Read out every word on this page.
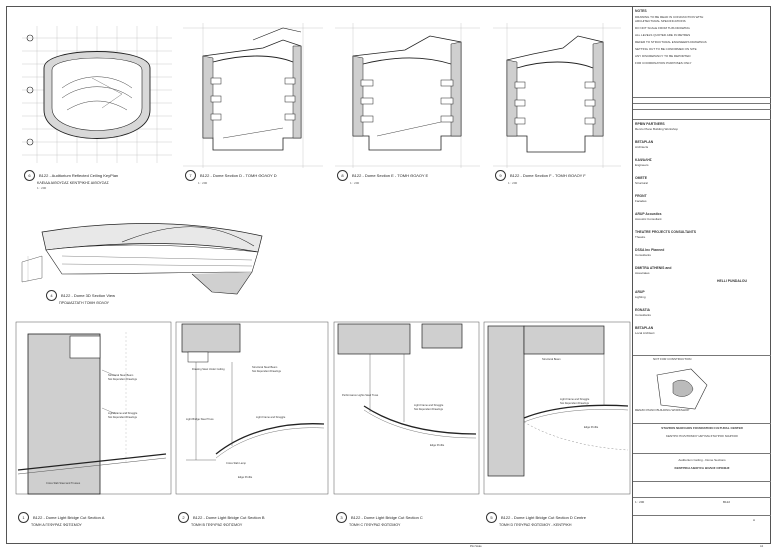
6 B122 - Auditorium Reflected Ceiling KeyPlan
ΚΛΕΙΔΑ ΑΙΘΟΥΣΑΣ ΚΕΝΤΡΙΚΗΣ ΑΙΘΟΥΣΑΣ
1 : 200
7 B122 - Dome Section D - TOMH ΘΟΛΟΥ D
1 : 200
8 B122 - Dome Section E - TOMH ΘΟΛΟΥ E
1 : 200
9 B122 - Dome Section F - TOMH ΘΟΛΟΥ F
1 : 200
4 B122 - Dome 3D Section View
ΠΡΟΔΙΑΣΤΑΤΗ TOMH ΘΟΛΟΥ
Structural Steel Beam
Not Dependent Drawings
Light/Frame and Struggle
Not Dependent Drawings
Cross Slab Steel and Trusses
1 B122 - Dome Light Bridge Cut Section A
TOMH A ΓΕΦΥΡΑΣ ΦΩΤΙΣΜΟΥ
Drawing Steel Under Ceiling
Structural Steel Beam
Not Dependent Drawings
Light Bridge Steel Truss
Light Frame and Struggle
Cross Slab Lamp
Edge Profile
2 B122 - Dome Light Bridge Cut Section B
TOMH B ΓΕΦΥΡΑΣ ΦΩΤΙΣΜΟΥ
Performance Lights Steel Truss
Light Frame and Struggle
Not Dependent Drawings
Edge Profile
3 B122 - Dome Light Bridge Cut Section C
TOMH C ΓΕΦΥΡΑΣ ΦΩΤΙΣΜΟΥ
Structural Beam
Light Frame and Struggle
Not Dependent Drawings
Edge Profile
5 B122 - Dome Light Bridge Cut Section D Centre
TOMH D ΓΕΦΥΡΑΣ ΦΩΤΙΣΜΟΥ - ΚΕΝΤΡΙΚΗ
NOTES
DRAWING TO BE READ IN CONJUNCTION WITH
ARCHITECTURAL SPECIFICATIONS
DO NOT SCALE FROM THIS DRAWING
ALL LEVELS QUOTED ARE IN METRES
REFER TO STRUCTURAL ENGINEERS DRAWINGS
SETTING OUT TO BE CONFIRMED ON SITE
ANY DISCREPANCY TO BE REPORTED
FOR COORDINATION PURPOSES ONLY
RPBW PARTNERS
Renzo Piano Building Workshop
BETAPLAN
Architects
ΚΑΨΑΛΗΣ
Engineers
OMETE
Structural
FRONT
Facades
ARUP Acoustics
Acoustic Consultant
THEATRE PROJECTS CONSULTANTS
Theatre
DSSA Inc Planned
Consultants
DIMITRA ATHENIS and
Associates
HELLI PUNDALOU
ARUP
Lighting
EGNATIA
Consultants
BETAPLAN
Local Architect
NOT FOR CONSTRUCTION
RENZO PIANO BUILDING WORKSHOP
STAVROS NIARCHOS FOUNDATION CULTURAL CENTER
ΚΕΝΤΡΟ ΠΟΛΙΤΙΣΜΟΥ ΙΔΡΥΜΑ ΣΤΑΥΡΟΣ ΝΙΑΡΧΟΣ
Auditorium Ceiling - Dome Sections
ΚΕΝΤΡΙΚΗ ΑΙΘΟΥΣΑ ΘΟΛΟΣ ΟΡΟΦΗΣ
1 : 200	B122
A
Plot Scale	A1
